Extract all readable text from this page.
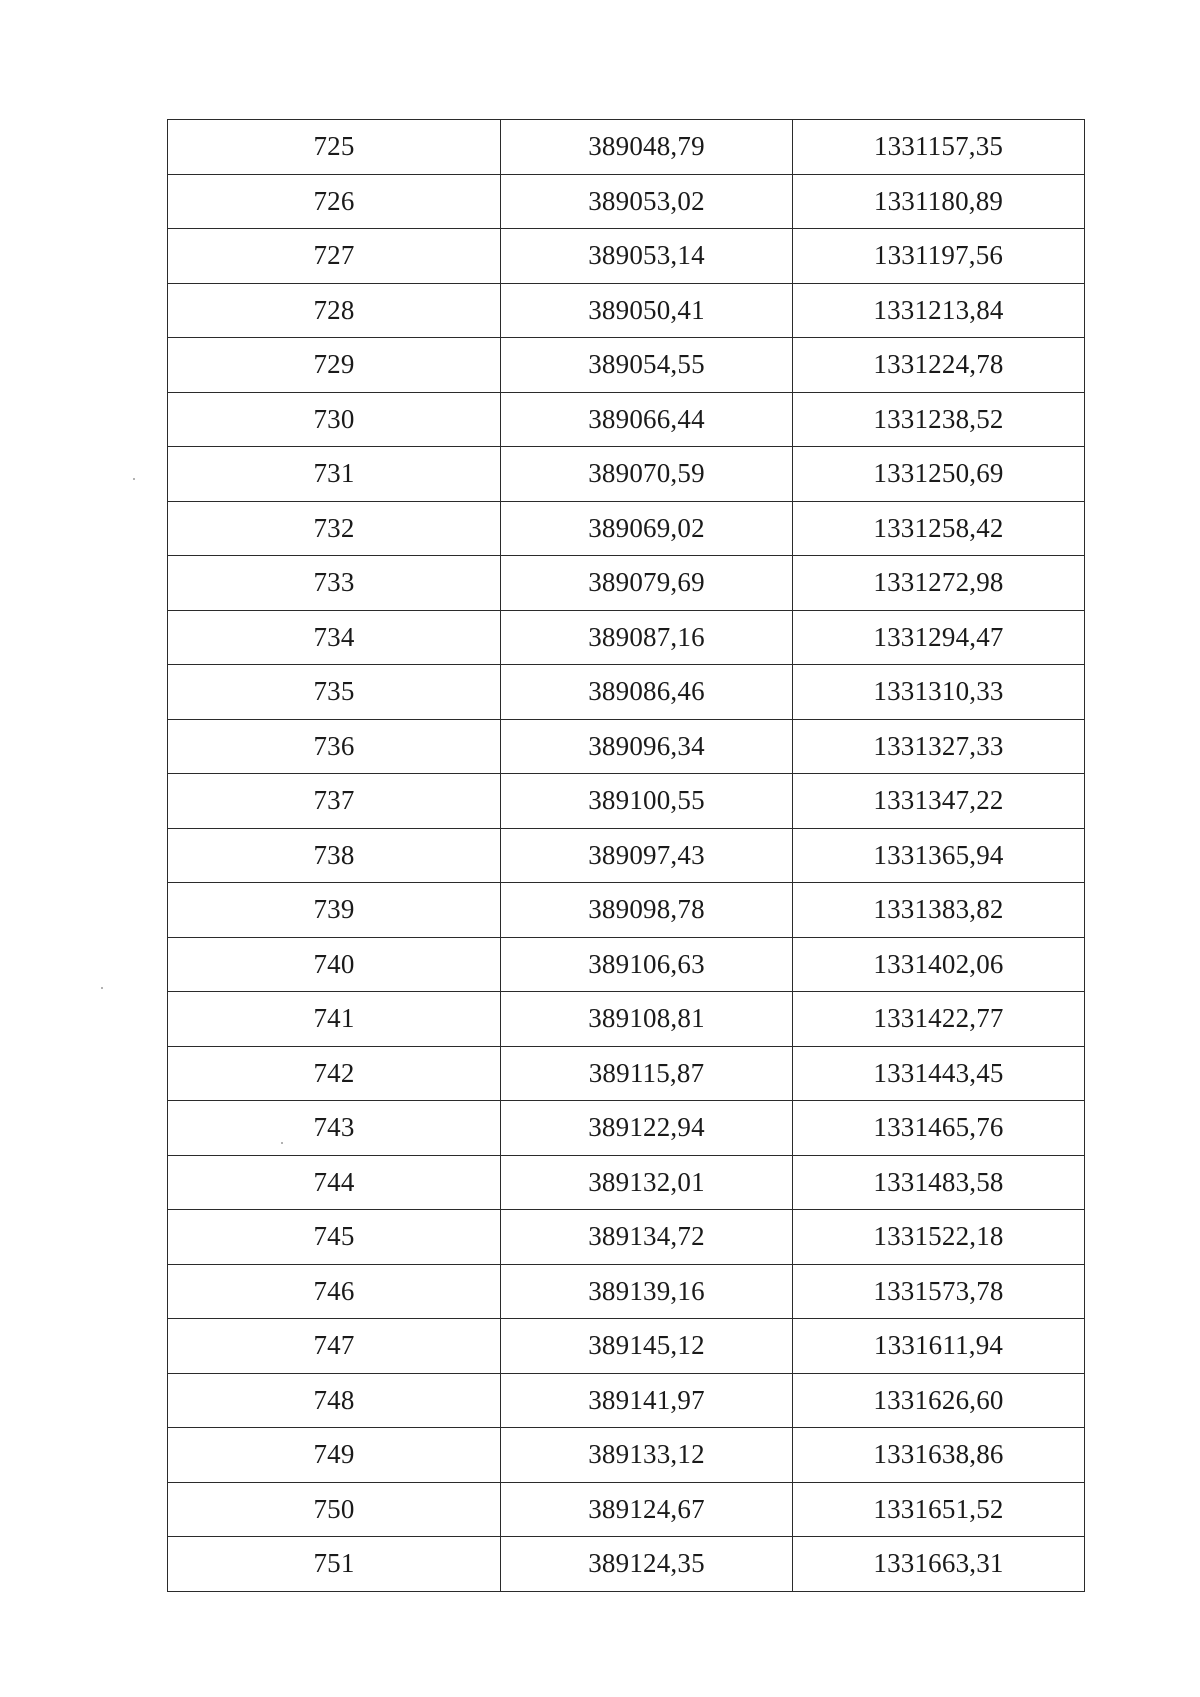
725	389048,79	1331157,35
726	389053,02	1331180,89
727	389053,14	1331197,56
728	389050,41	1331213,84
729	389054,55	1331224,78
730	389066,44	1331238,52
731	389070,59	1331250,69
732	389069,02	1331258,42
733	389079,69	1331272,98
734	389087,16	1331294,47
735	389086,46	1331310,33
736	389096,34	1331327,33
737	389100,55	1331347,22
738	389097,43	1331365,94
739	389098,78	1331383,82
740	389106,63	1331402,06
741	389108,81	1331422,77
742	389115,87	1331443,45
743	389122,94	1331465,76
744	389132,01	1331483,58
745	389134,72	1331522,18
746	389139,16	1331573,78
747	389145,12	1331611,94
748	389141,97	1331626,60
749	389133,12	1331638,86
750	389124,67	1331651,52
751	389124,35	1331663,31
